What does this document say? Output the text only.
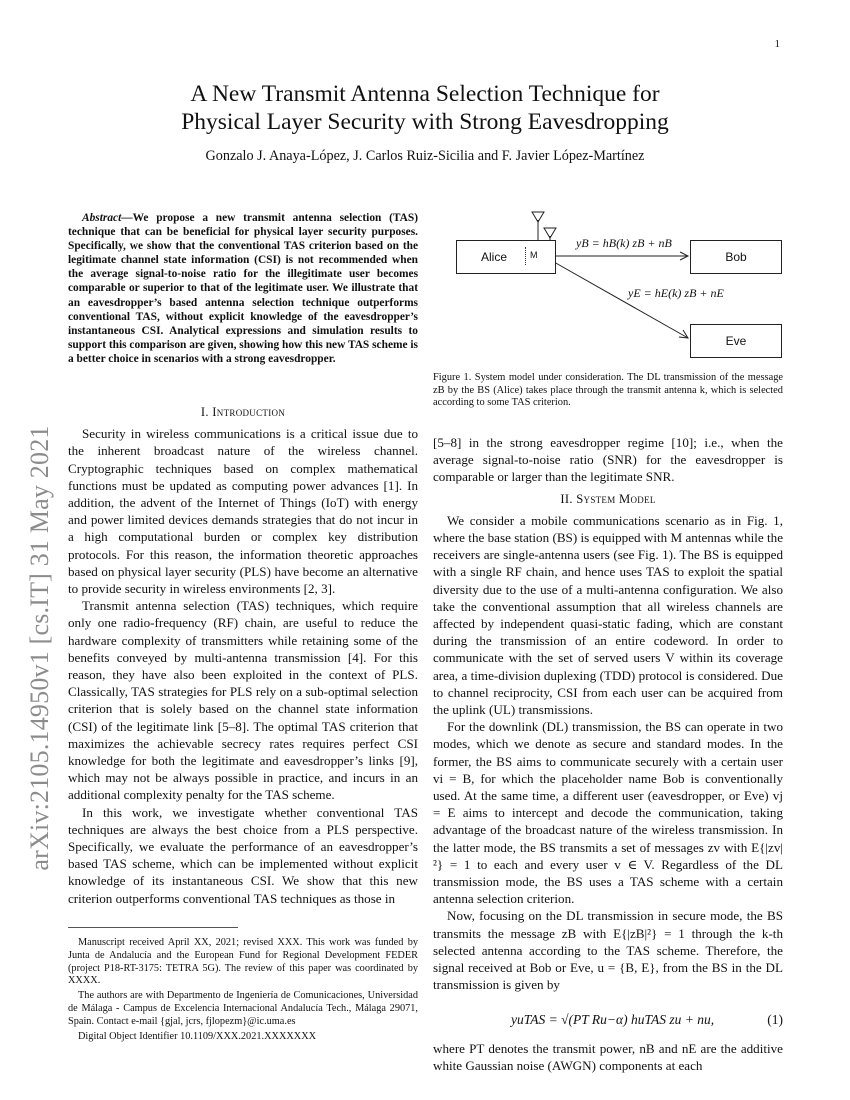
1
arXiv:2105.14950v1 [cs.IT] 31 May 2021
A New Transmit Antenna Selection Technique for
Physical Layer Security with Strong Eavesdropping
Gonzalo J. Anaya-López, J. Carlos Ruiz-Sicilia and F. Javier López-Martínez
Abstract—We propose a new transmit antenna selection (TAS) technique that can be beneficial for physical layer security purposes. Specifically, we show that the conventional TAS criterion based on the legitimate channel state information (CSI) is not recommended when the average signal-to-noise ratio for the illegitimate user becomes comparable or superior to that of the legitimate user. We illustrate that an eavesdropper’s based antenna selection technique outperforms conventional TAS, without explicit knowledge of the eavesdropper’s instantaneous CSI. Analytical expressions and simulation results to support this comparison are given, showing how this new TAS scheme is a better choice in scenarios with a strong eavesdropper.
I. Introduction

Security in wireless communications is a critical issue due to the inherent broadcast nature of the wireless channel. Cryptographic techniques based on complex mathematical functions must be updated as computing power advances [1]. In addition, the advent of the Internet of Things (IoT) with energy and power limited devices demands strategies that do not incur in a high computational burden or complex key distribution protocols. For this reason, the information theoretic approaches based on physical layer security (PLS) have become an alternative to provide security in wireless environments [2, 3].

Transmit antenna selection (TAS) techniques, which require only one radio-frequency (RF) chain, are useful to reduce the hardware complexity of transmitters while retaining some of the benefits conveyed by multi-antenna transmission [4]. For this reason, they have also been exploited in the context of PLS. Classically, TAS strategies for PLS rely on a sub-optimal selection criterion that is solely based on the channel state information (CSI) of the legitimate link [5–8]. The optimal TAS criterion that maximizes the achievable secrecy rates requires perfect CSI knowledge for both the legitimate and eavesdropper’s links [9], which may not be always possible in practice, and incurs in an additional complexity penalty for the TAS scheme.

In this work, we investigate whether conventional TAS techniques are always the best choice from a PLS perspective. Specifically, we evaluate the performance of an eavesdropper’s based TAS scheme, which can be implemented without explicit knowledge of its instantaneous CSI. We show that this new criterion outperforms conventional TAS techniques as those in

Manuscript received April XX, 2021; revised XXX. This work was funded by Junta de Andalucía and the European Fund for Regional Development FEDER (project P18-RT-3175: TETRA 5G). The review of this paper was coordinated by XXXX.

The authors are with Departmento de Ingeniería de Comunicaciones, Universidad de Málaga - Campus de Excelencia Internacional Andalucía Tech., Málaga 29071, Spain. Contact e-mail {gjal, jcrs, fjlopezm}@ic.uma.es

Digital Object Identifier 10.1109/XXX.2021.XXXXXXX

Alice	M	Bob
Eve
yB = hB(k) zB + nB
yE = hE(k) zB + nE
Figure 1. System model under consideration. The DL transmission of the message zB by the BS (Alice) takes place through the transmit antenna k, which is selected according to some TAS criterion.

[5–8] in the strong eavesdropper regime [10]; i.e., when the average signal-to-noise ratio (SNR) for the eavesdropper is comparable or larger than the legitimate SNR.

II. System Model

We consider a mobile communications scenario as in Fig. 1, where the base station (BS) is equipped with M antennas while the receivers are single-antenna users (see Fig. 1). The BS is equipped with a single RF chain, and hence uses TAS to exploit the spatial diversity due to the use of a multi-antenna configuration. We also take the conventional assumption that all wireless channels are affected by independent quasi-static fading, which are constant during the transmission of an entire codeword. In order to communicate with the set of served users V within its coverage area, a time-division duplexing (TDD) protocol is considered. Due to channel reciprocity, CSI from each user can be acquired from the uplink (UL) transmissions.

For the downlink (DL) transmission, the BS can operate in two modes, which we denote as secure and standard modes. In the former, the BS aims to communicate securely with a certain user vi = B, for which the placeholder name Bob is conventionally used. At the same time, a different user (eavesdropper, or Eve) vj = E aims to intercept and decode the communication, taking advantage of the broadcast nature of the wireless transmission. In the latter mode, the BS transmits a set of messages zv with E{|zv|²} = 1 to each and every user v ∈ V. Regardless of the DL transmission mode, the BS uses a TAS scheme with a certain antenna selection criterion.

Now, focusing on the DL transmission in secure mode, the BS transmits the message zB with E{|zB|²} = 1 through the k-th selected antenna according to the TAS scheme. Therefore, the signal received at Bob or Eve, u = {B, E}, from the BS in the DL transmission is given by

yuTAS = √(PT Ru−α) huTAS zu + nu,	(1)

where PT denotes the transmit power, nB and nE are the additive white Gaussian noise (AWGN) components at each
